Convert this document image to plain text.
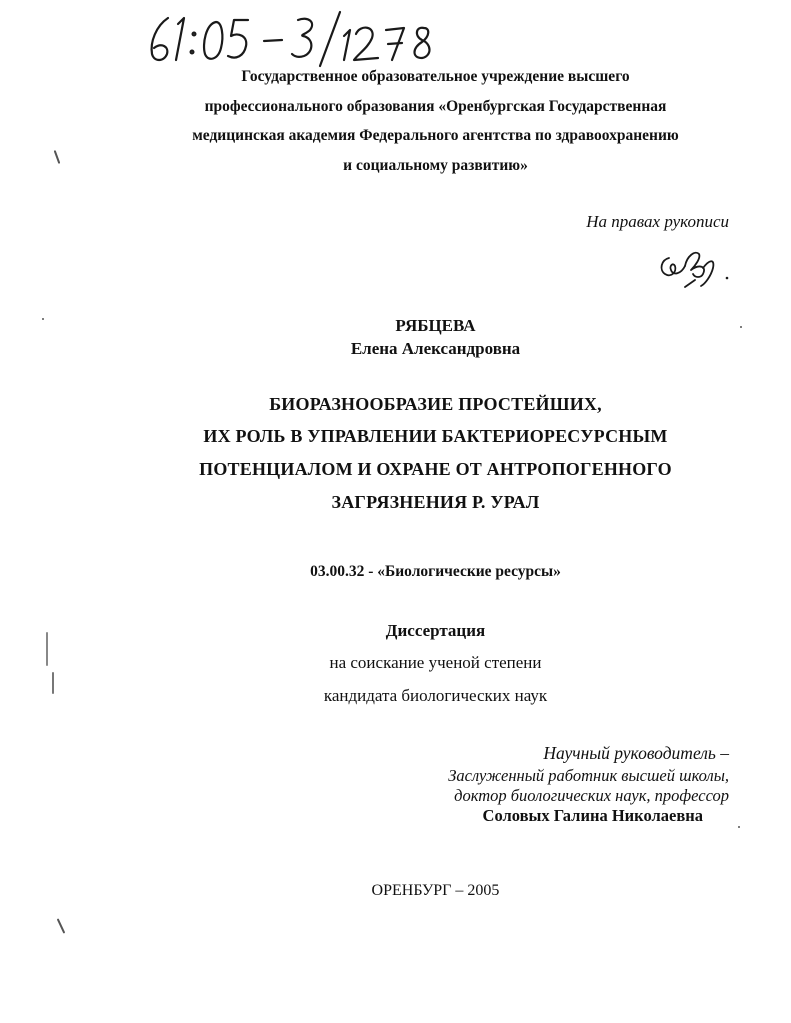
Государственное образовательное учреждение высшего
профессионального образования «Оренбургская Государственная
медицинская академия Федерального агентства по здравоохранению
и социальному развитию»
На правах рукописи
РЯБЦЕВА
Елена Александровна
БИОРАЗНООБРАЗИЕ ПРОСТЕЙШИХ,
ИХ РОЛЬ В УПРАВЛЕНИИ БАКТЕРИОРЕСУРСНЫМ
ПОТЕНЦИАЛОМ И ОХРАНЕ ОТ АНТРОПОГЕННОГО
ЗАГРЯЗНЕНИЯ Р. УРАЛ
03.00.32 - «Биологические ресурсы»
Диссертация
на соискание ученой степени
кандидата биологических наук
Научный руководитель –
Заслуженный работник высшей школы,
доктор биологических наук, профессор
Соловых Галина Николаевна
ОРЕНБУРГ – 2005
